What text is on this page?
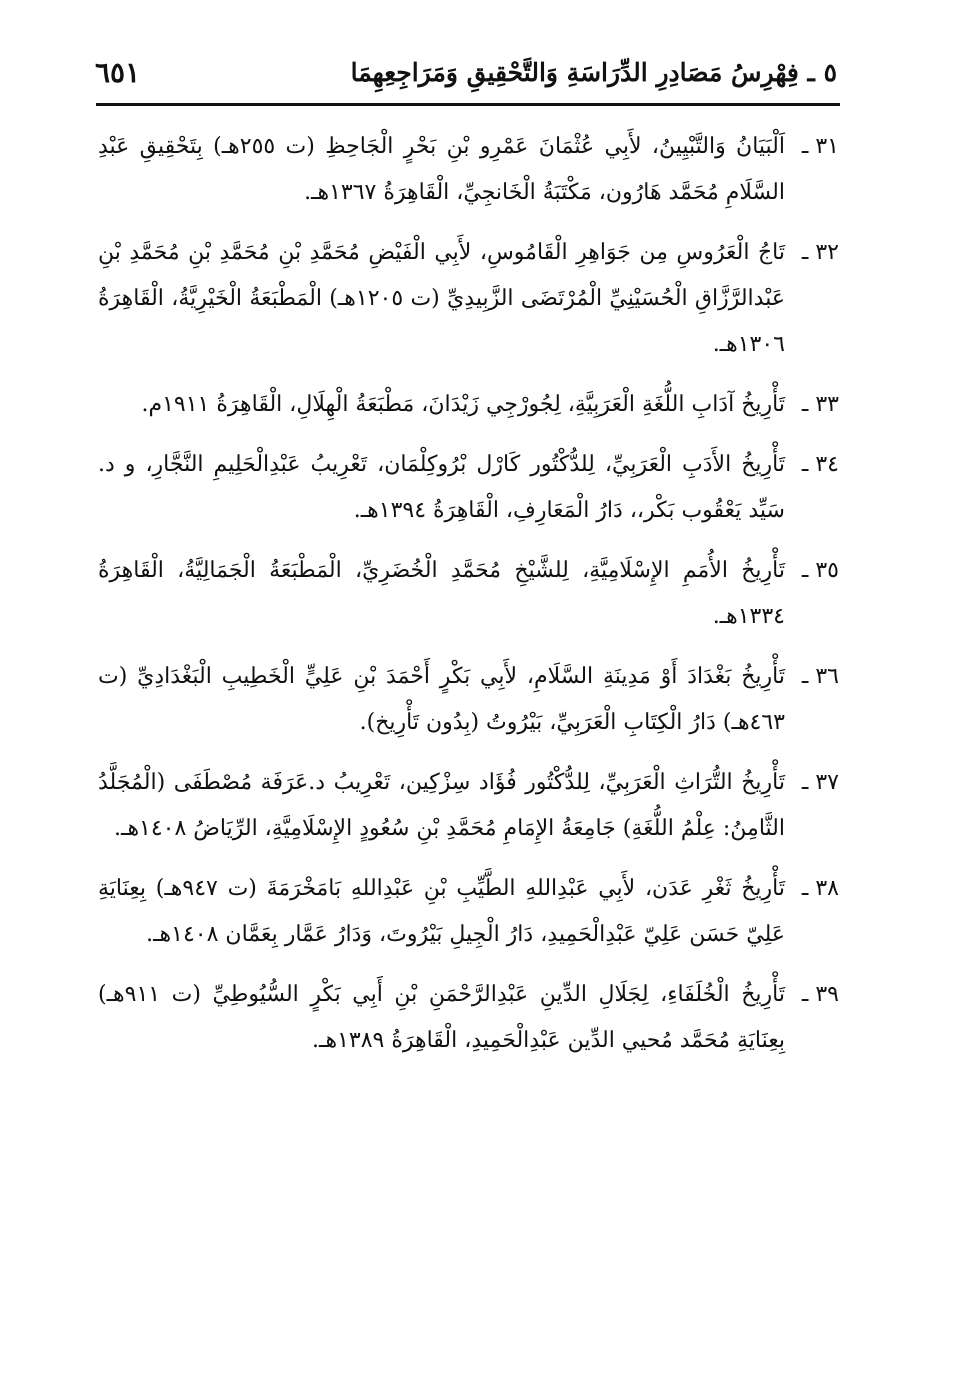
٥ ـ فِهْرِسُ مَصَادِرِ الدِّرَاسَةِ وَالتَّحْقِيقِ وَمَرَاجِعِهِمَا
٦٥١
٣١ ـ
اَلْبَيَانُ وَالتَّبْيِينُ، لأَبِي عُثْمَانَ عَمْرِو بْنِ بَحْرٍ الْجَاحِظِ (ت ٢٥٥هـ) بِتَحْقِيقِ عَبْدِ السَّلَامِ مُحَمَّد هَارُون، مَكْتَبَةُ الْخَانجِيِّ، الْقَاهِرَةُ ١٣٦٧هـ.
٣٢ ـ
تَاجُ الْعَرُوسِ مِن جَوَاهِرِ الْقَامُوسِ، لأَبِي الْفَيْضِ مُحَمَّدِ بْنِ مُحَمَّدِ بْنِ مُحَمَّدِ بْنِ عَبْدالرَّزَّاقِ الْحُسَيْنِيِّ الْمُرْتَضَى الزَّبِيدِيِّ (ت ١٢٠٥هـ) الْمَطْبَعَةُ الْخَيْرِيَّةُ، الْقَاهِرَةُ ١٣٠٦هـ.
٣٣ ـ
تَأْرِيخُ آدَابِ اللُّغَةِ الْعَرَبِيَّةِ، لِجُورْجِي زَيْدَانَ، مَطْبَعَةُ الْهِلَالِ، الْقَاهِرَةُ ١٩١١م.
٣٤ ـ
تَأْرِيخُ الأَدَبِ الْعَرَبِيِّ، لِلدُّكْتُور كَارْل بْرُوكِلْمَان، تَعْرِيبُ عَبْدِالْحَلِيمِ النَّجَّارِ، و د. سَيِّد يَعْقُوب بَكْر،، دَارُ الْمَعَارِفِ، الْقَاهِرَةُ ١٣٩٤هـ.
٣٥ ـ
تَأْرِيخُ الأُمَمِ الإِسْلَامِيَّةِ، لِلشَّيْخِ مُحَمَّدِ الْخُضَرِيِّ، الْمَطْبَعَةُ الْجَمَالِيَّةُ، الْقَاهِرَةُ ١٣٣٤هـ.
٣٦ ـ
تَأْرِيخُ بَغْدَادَ أَوْ مَدِينَةِ السَّلَامِ، لأَبِي بَكْرٍ أَحْمَدَ بْنِ عَلِيٍّ الْخَطِيبِ الْبَغْدَادِيِّ (ت ٤٦٣هـ) دَارُ الْكِتَابِ الْعَرَبِيِّ، بَيْرُوتُ (بِدُون تَأْرِيخ).
٣٧ ـ
تَأْرِيخُ التُّرَاثِ الْعَرَبِيِّ، لِلدُّكْتُور فُؤَاد سِزْكِين، تَعْرِيبُ د.عَرَفَة مُصْطَفَى (الْمُجَلَّدُ الثَّامِنُ: عِلْمُ اللُّغَةِ) جَامِعَةُ الإِمَامِ مُحَمَّدِ بْنِ سُعُودٍ الإِسْلَامِيَّةِ، الرِّيَاضُ ١٤٠٨هـ.
٣٨ ـ
تَأْرِيخُ ثَغْرِ عَدَن، لأَبِي عَبْدِاللهِ الطَّيِّبِ بْنِ عَبْدِاللهِ بَامَخْرَمَةَ (ت ٩٤٧هـ) بِعِنَايَةِ عَلِيّ حَسَن عَلِيّ عَبْدِالْحَمِيدِ، دَارُ الْجِيلِ بَيْرُوتَ، وَدَارُ عَمَّار بِعَمَّان ١٤٠٨هـ.
٣٩ ـ
تَأْرِيخُ الْخُلَفَاءِ، لِجَلَالِ الدِّينِ عَبْدِالرَّحْمَنِ بْنِ أَبِي بَكْرٍ السُّيُوطِيِّ (ت ٩١١هـ) بِعِنَايَةِ مُحَمَّد مُحيي الدِّين عَبْدِالْحَمِيدِ، الْقَاهِرَةُ ١٣٨٩هـ.
